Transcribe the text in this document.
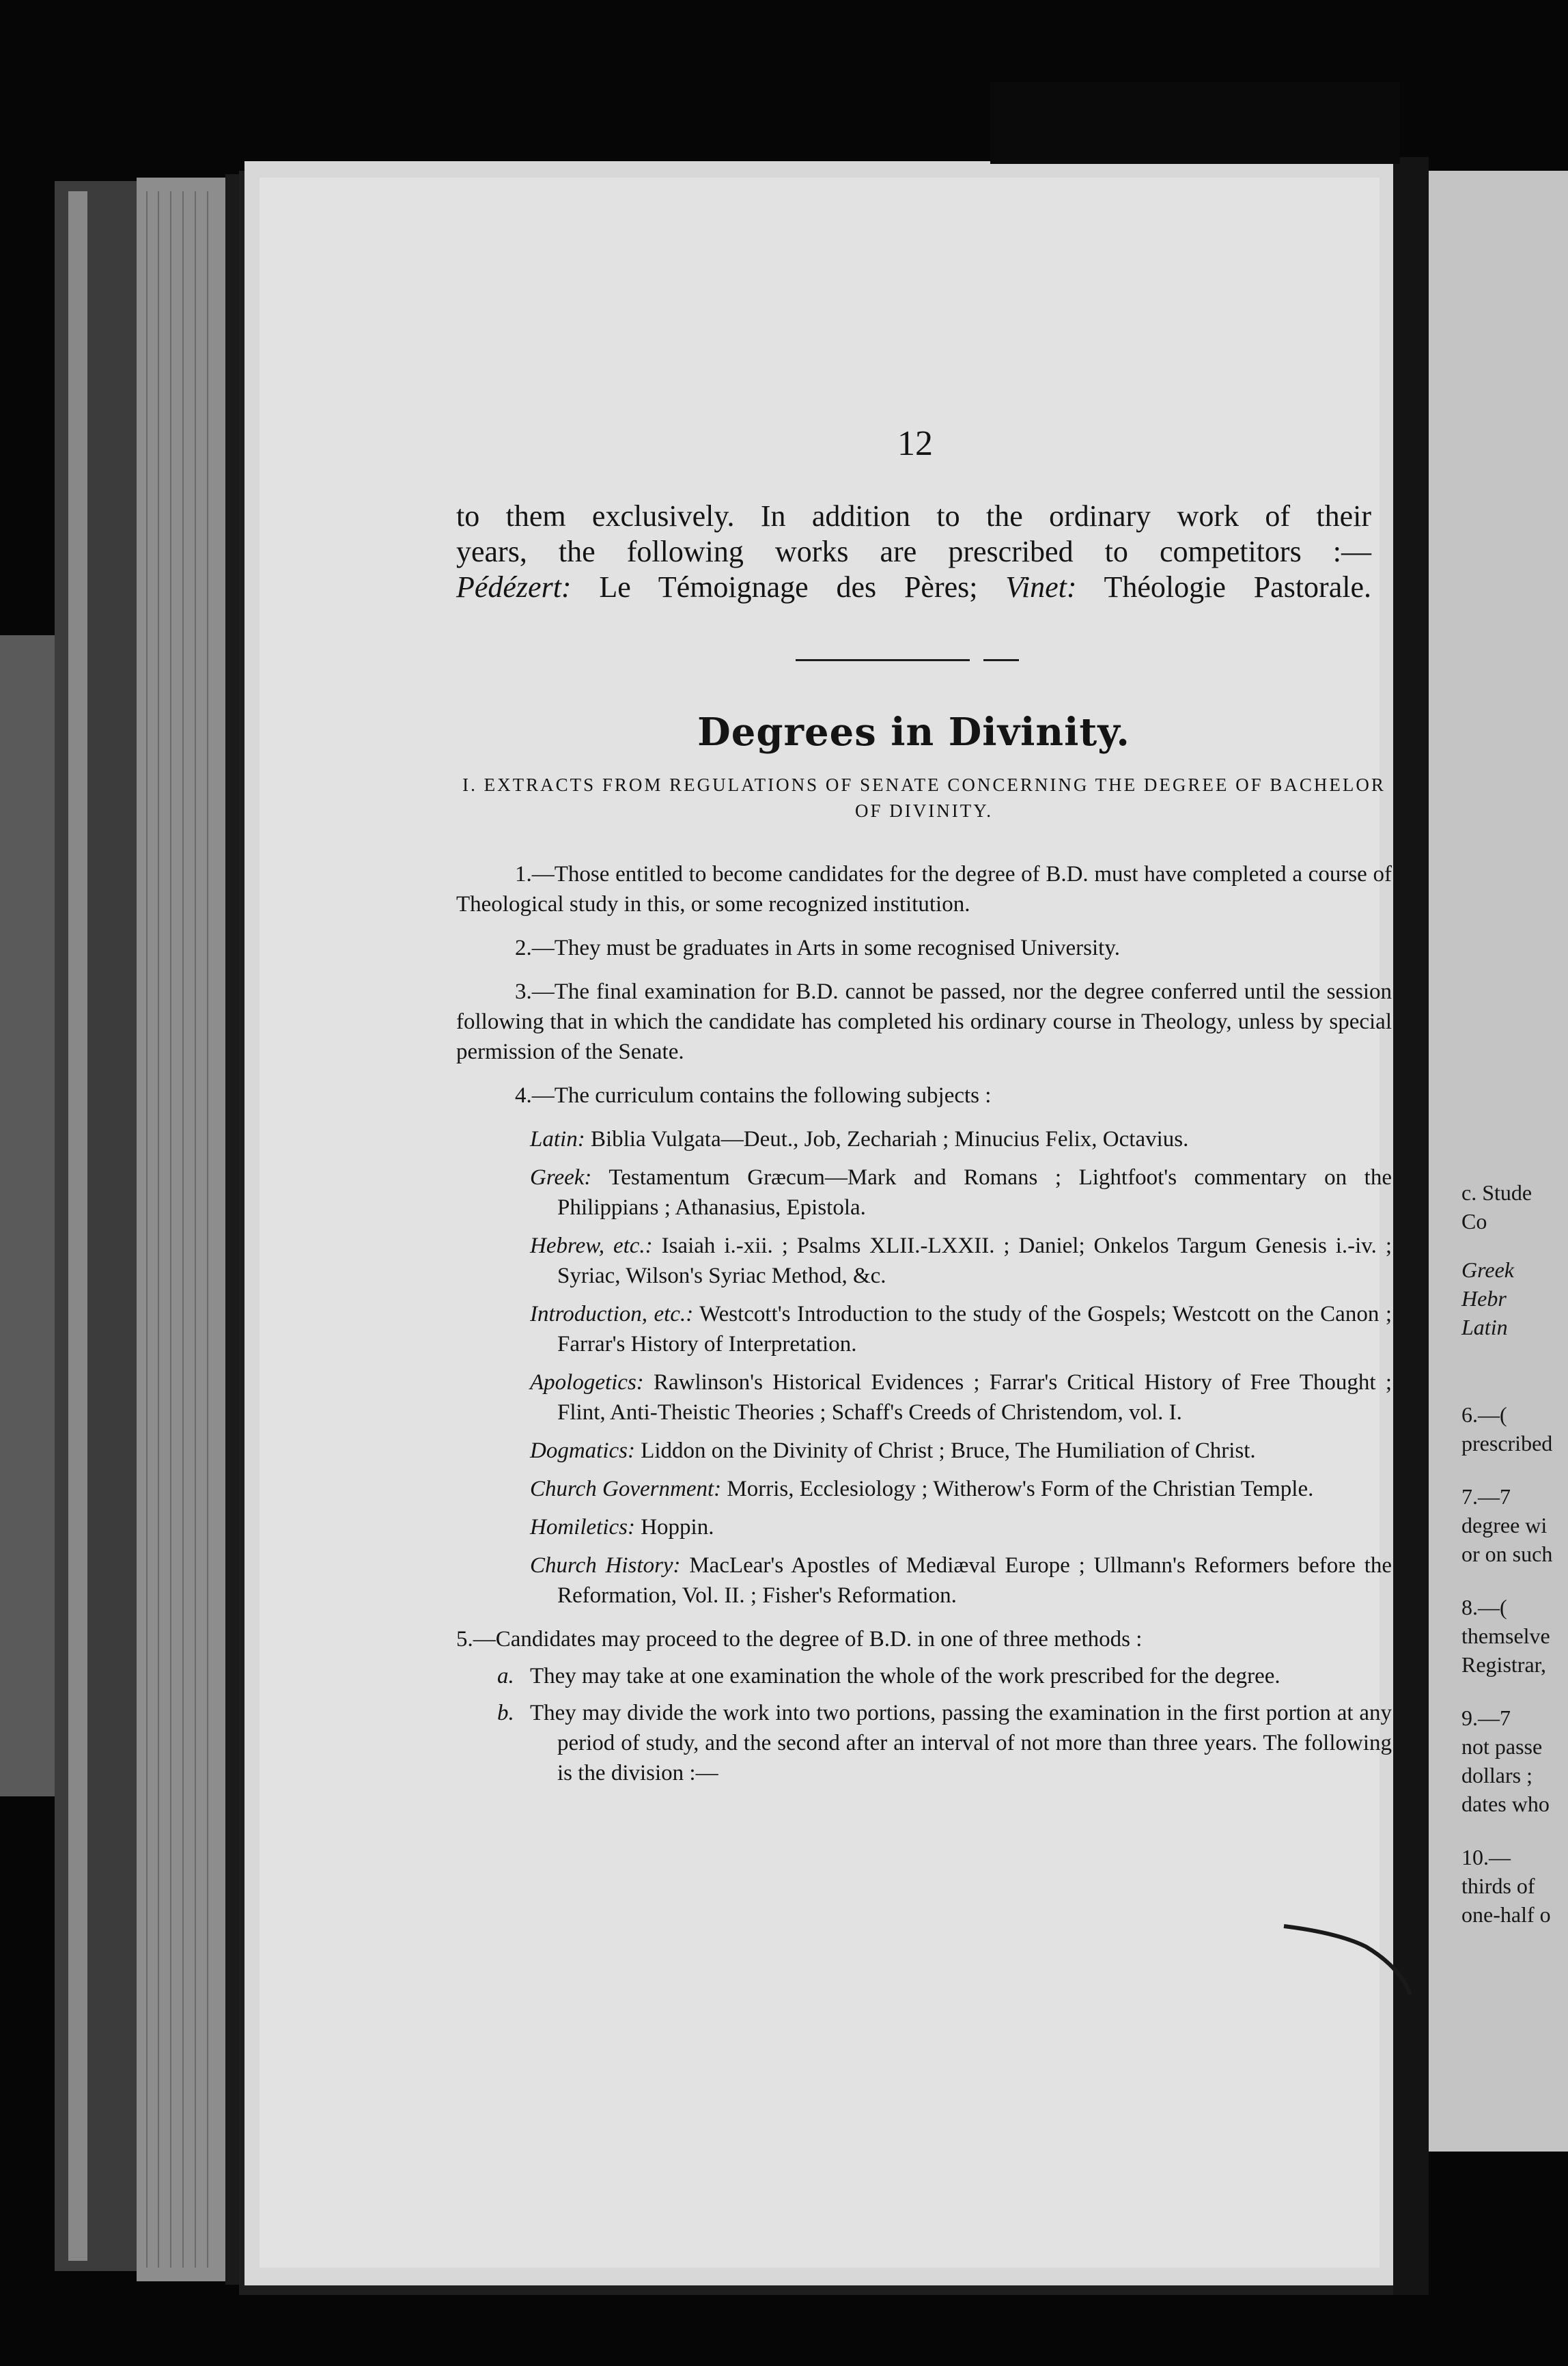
12
to them exclusively. In addition to the ordinary work of their
years, the following works are prescribed to competitors :—
Pédézert: Le Témoignage des Pères; Vinet: Théologie Pastorale.
Degrees in Divinity.
I. EXTRACTS FROM REGULATIONS OF SENATE CONCERNING THE DEGREE OF BACHELOR OF DIVINITY.

1.—Those entitled to become candidates for the degree of B.D. must have completed a course of Theological study in this, or some recognized institution.

2.—They must be graduates in Arts in some recognised University.

3.—The final examination for B.D. cannot be passed, nor the degree conferred until the session following that in which the candidate has completed his ordinary course in Theology, unless by special permission of the Senate.

4.—The curriculum contains the following subjects :

Latin: Biblia Vulgata—Deut., Job, Zechariah ; Minucius Felix, Octavius.

Greek: Testamentum Græcum—Mark and Romans ; Lightfoot's commentary on the Philippians ; Athanasius, Epistola.

Hebrew, etc.: Isaiah i.-xii. ; Psalms XLII.-LXXII. ; Daniel; Onkelos Targum Genesis i.-iv. ; Syriac, Wilson's Syriac Method, &c.

Introduction, etc.: Westcott's Introduction to the study of the Gospels; Westcott on the Canon ; Farrar's History of Interpretation.

Apologetics: Rawlinson's Historical Evidences ; Farrar's Critical History of Free Thought ; Flint, Anti-Theistic Theories ; Schaff's Creeds of Christendom, vol. I.

Dogmatics: Liddon on the Divinity of Christ ; Bruce, The Humiliation of Christ.

Church Government: Morris, Ecclesiology ; Witherow's Form of the Christian Temple.

Homiletics: Hoppin.

Church History: MacLear's Apostles of Mediæval Europe ; Ullmann's Reformers before the Reformation, Vol. II. ; Fisher's Reformation.

5.—Candidates may proceed to the degree of B.D. in one of three methods :

a. They may take at one examination the whole of the work prescribed for the degree.

b. They may divide the work into two portions, passing the examination in the first portion at any period of study, and the second after an interval of not more than three years. The following is the division :—

c. Stude
Co
Greek
Hebr
Latin
6.—(
prescribed
7.—7
degree wi
or on such
8.—(
themselve
Registrar,
9.—7
not passe
dollars ;
dates who
10.—
thirds of
one-half o
